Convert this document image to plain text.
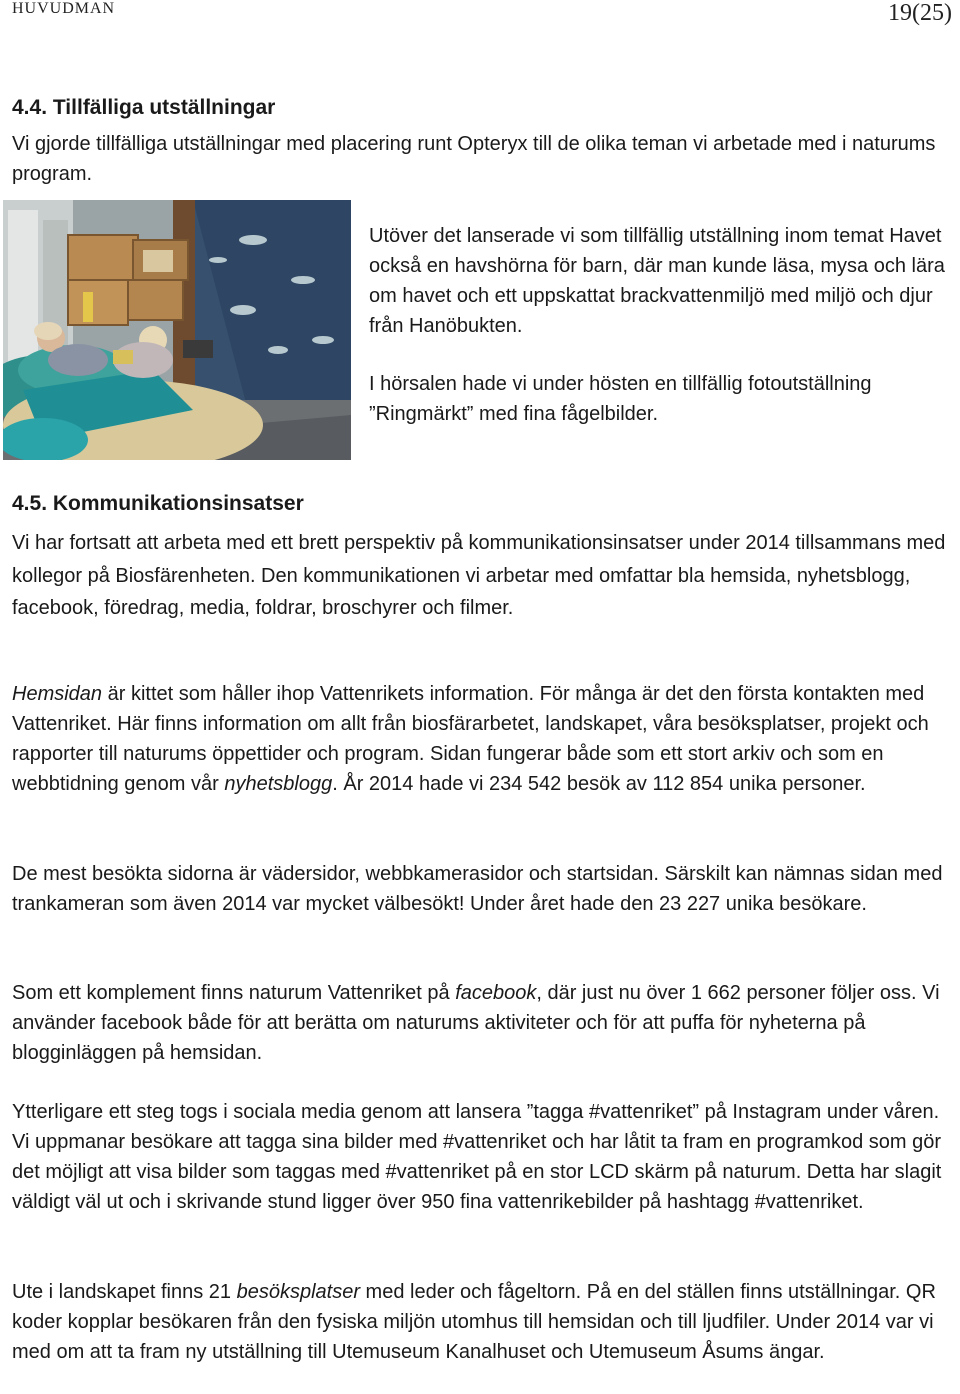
HUVUDMAN	19(25)
4.4. Tillfälliga utställningar
Vi gjorde tillfälliga utställningar med placering runt Opteryx till de olika teman vi arbetade med i naturums program.
Utöver det lanserade vi som tillfällig utställning inom temat Havet också en havshörna för barn, där man kunde läsa, mysa och lära om havet och ett uppskattat brackvattenmiljö med miljö och djur från Hanöbukten.
I hörsalen hade vi under hösten en tillfällig fotoutställning ”Ringmärkt” med fina fågelbilder.
4.5. Kommunikationsinsatser
Vi har fortsatt att arbeta med ett brett perspektiv på kommunikationsinsatser under 2014 tillsammans med kollegor på Biosfärenheten. Den kommunikationen vi arbetar med omfattar bla hemsida, nyhetsblogg, facebook, föredrag, media, foldrar, broschyrer och filmer.
Hemsidan är kittet som håller ihop Vattenrikets information. För många är det den första kontakten med Vattenriket. Här finns information om allt från biosfärarbetet, landskapet, våra besöksplatser, projekt och rapporter till naturums öppettider och program. Sidan fungerar både som ett stort arkiv och som en webbtidning genom vår nyhetsblogg. År 2014 hade vi 234 542 besök av 112 854 unika personer.
De mest besökta sidorna är vädersidor, webbkamerasidor och startsidan. Särskilt kan nämnas sidan med trankameran som även 2014 var mycket välbesökt! Under året hade den 23 227 unika besökare.
Som ett komplement finns naturum Vattenriket på facebook, där just nu över 1 662 personer följer oss. Vi använder facebook både för att berätta om naturums aktiviteter och för att puffa för nyheterna på blogginläggen på hemsidan.
Ytterligare ett steg togs i sociala media genom att lansera ”tagga #vattenriket” på Instagram under våren. Vi uppmanar besökare att tagga sina bilder med #vattenriket och har låtit ta fram en programkod som gör det möjligt att visa bilder som taggas med #vattenriket på en stor LCD skärm på naturum. Detta har slagit väldigt väl ut och i skrivande stund ligger över 950 fina vattenrikebilder på hashtagg #vattenriket.
Ute i landskapet finns 21 besöksplatser med leder och fågeltorn. På en del ställen finns utställningar. QR koder kopplar besökaren från den fysiska miljön utomhus till hemsidan och till ljudfiler. Under 2014 var vi med om att ta fram ny utställning till Utemuseum Kanalhuset och Utemuseum Åsums ängar.
